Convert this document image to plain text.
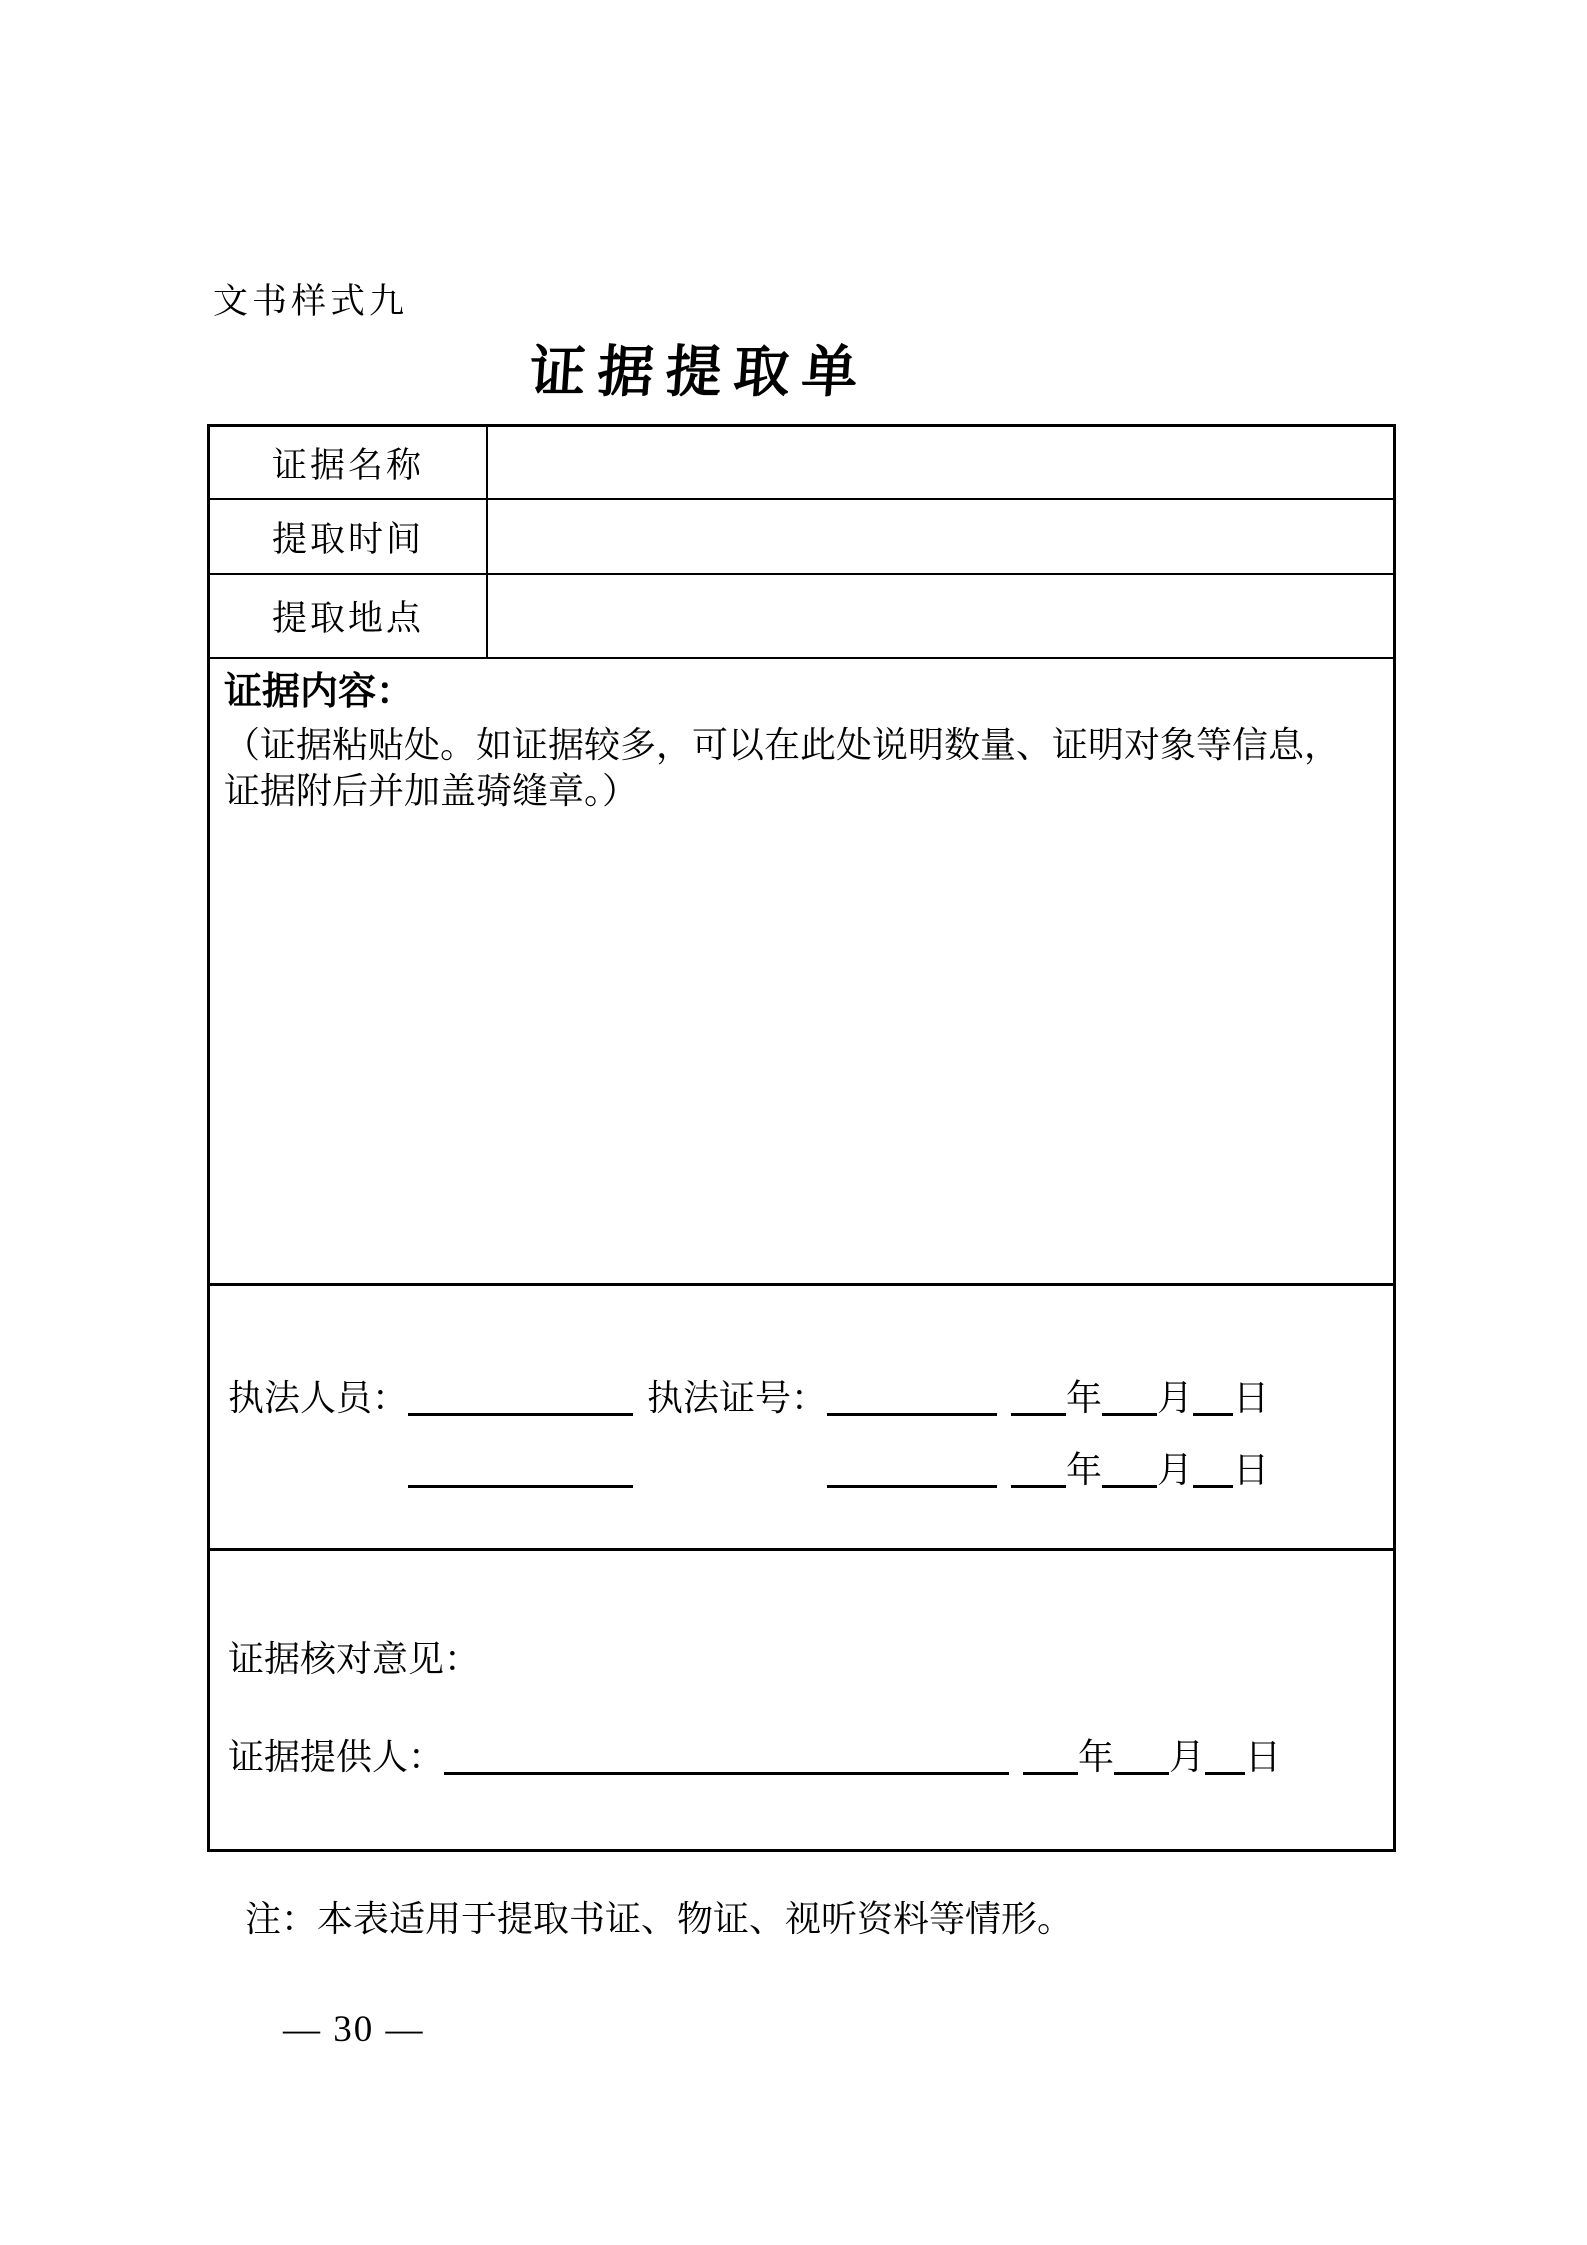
文书样式九
证据提取单
证据名称
提取时间
提取地点
证据内容：
（证据粘贴处。如证据较多，可以在此处说明数量、证明对象等信息，
证据附后并加盖骑缝章。）
执法人员：	执法证号：	年 月 日
年 月 日
证据核对意见：
证据提供人：	年 月 日
注：本表适用于提取书证、物证、视听资料等情形。
— 30 —
